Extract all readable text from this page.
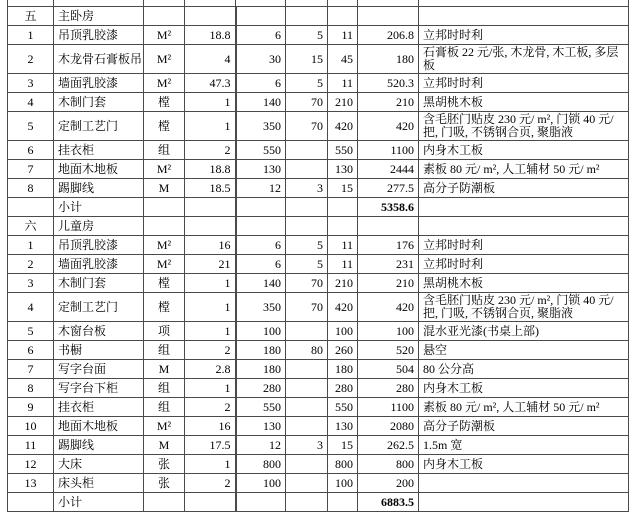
五	主卧房							
1	吊顶乳胶漆	M²	18.8	6	5	11	206.8	立邦时时利
2	木龙骨石膏板吊	M²	4	30	15	45	180	石膏板 22 元/张, 木龙骨, 木工板, 多层板
3	墙面乳胶漆	M²	47.3	6	5	11	520.3	立邦时时利
4	木制门套	樘	1	140	70	210	210	黑胡桃木板
5	定制工艺门	樘	1	350	70	420	420	含毛胚门贴皮 230 元/ m², 门锁 40 元/把, 门吸, 不锈钢合页, 聚脂液
6	挂衣柜	组	2	550		550	1100	内身木工板
7	地面木地板	M²	18.8	130		130	2444	素板 80 元/ m², 人工辅材 50 元/ m²
8	踢脚线	M	18.5	12	3	15	277.5	高分子防潮板
	小计						5358.6	
六	儿童房							
1	吊顶乳胶漆	M²	16	6	5	11	176	立邦时时利
2	墙面乳胶漆	M²	21	6	5	11	231	立邦时时利
3	木制门套	樘	1	140	70	210	210	黑胡桃木板
4	定制工艺门	樘	1	350	70	420	420	含毛胚门贴皮 230 元/ m², 门锁 40 元/把, 门吸, 不锈钢合页, 聚脂液
5	木窗台板	项	1	100		100	100	混水亚光漆(书桌上部)
6	书橱	组	2	180	80	260	520	悬空
7	写字台面	M	2.8	180		180	504	80 公分高
8	写字台下柜	组	1	280		280	280	内身木工板
9	挂衣柜	组	2	550		550	1100	素板 80 元/ m², 人工辅材 50 元/ m²
10	地面木地板	M²	16	130		130	2080	高分子防潮板
11	踢脚线	M	17.5	12	3	15	262.5	1.5m 宽
12	大床	张	1	800		800	800	内身木工板
13	床头柜	张	2	100		100	200	
	小计						6883.5	
